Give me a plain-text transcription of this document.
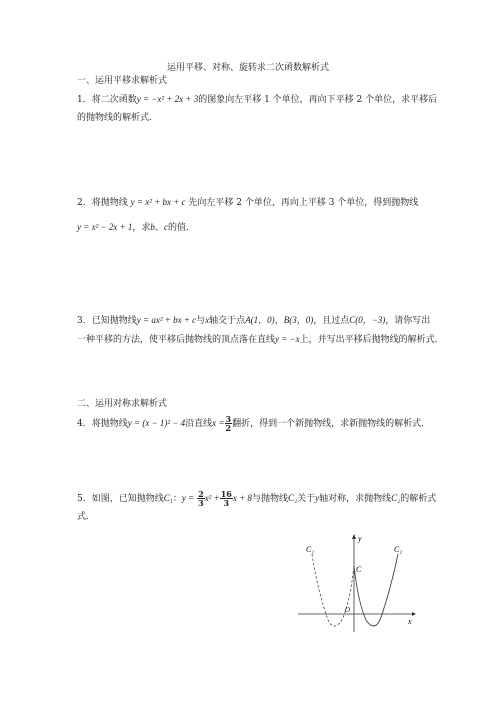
运用平移、对称、旋转求二次函数解析式
一、运用平移求解析式
1．将二次函数y = −x² + 2x + 3的图象向左平移 1 个单位，再向下平移 2 个单位，求平移后
的抛物线的解析式．
2．将抛物线 y = x² + bx + c 先向左平移 2 个单位，再向上平移 3 个单位，得到抛物线
y = x² − 2x + 1，求b、c的值．
3．已知抛物线y = ax² + bx + c与x轴交于点A(1，0)，B(3，0)，且过点C(0，−3)，请你写出
一种平移的方法，使平移后抛物线的顶点落在直线y = −x上，并写出平移后抛物线的解析式．
二、运用对称求解析式
4．将抛物线y = (x − 1)² − 4沿直线$x = \frac{3}{2}$ 翻折，得到一个新抛物线，求新抛物线的解析式．
5．如图，已知抛物线C₁：$y = \frac{2}{3} x^2 + \frac{16}{3}$ x + 8与抛物线C₂关于y轴对称，求抛物线C₂的解析式
式．
C₁	C₂
C
O
x
y
